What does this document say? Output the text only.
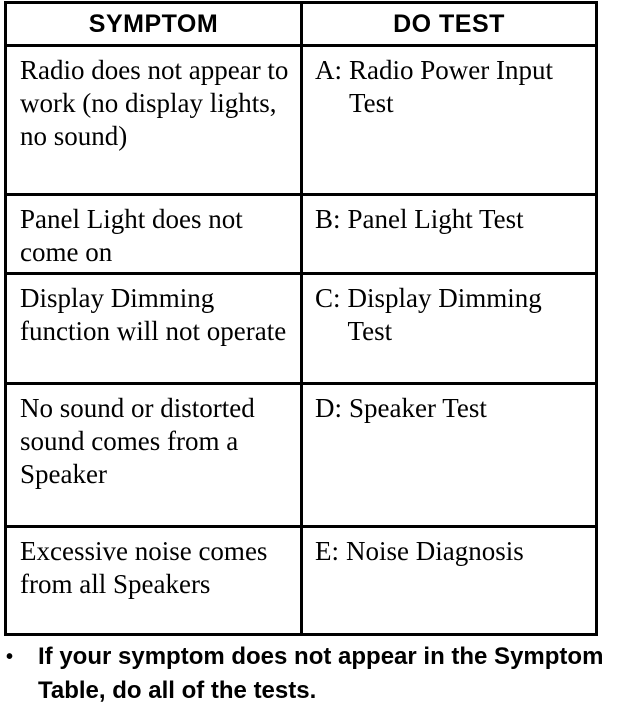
SYMPTOM	DO TEST

Radio does not appear to work (no display lights, no sound)	A: Radio Power Input Test

Panel Light does not come on	B: Panel Light Test

Display Dimming function will not operate	C: Display Dimming Test

No sound or distorted sound comes from a Speaker	D: Speaker Test

Excessive noise comes from all Speakers	E: Noise Diagnosis
•	If your symptom does not appear in the Symptom Table, do all of the tests.
